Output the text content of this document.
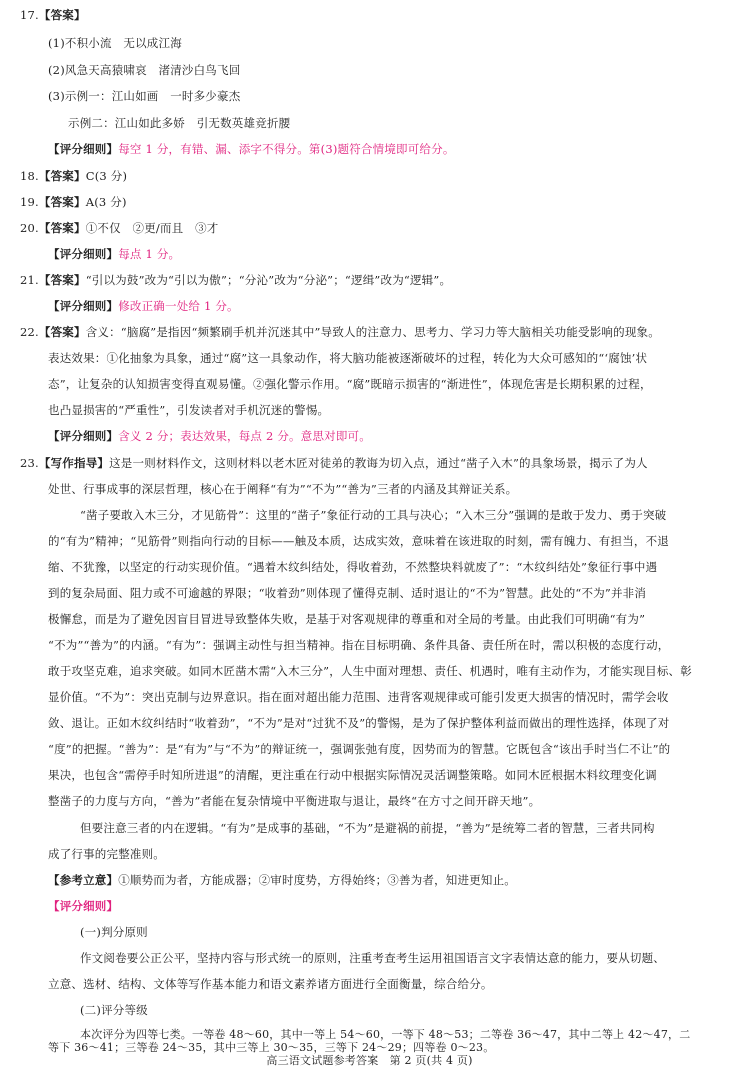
17.【答案】
(1)不积小流　无以成江海
(2)风急天高猿啸哀　渚清沙白鸟飞回
(3)示例一：江山如画　一时多少豪杰
示例二：江山如此多娇　引无数英雄竞折腰
【评分细则】每空 1 分，有错、漏、添字不得分。第(3)题符合情境即可给分。
18.【答案】C(3 分)
19.【答案】A(3 分)
20.【答案】①不仅　②更/而且　③才
【评分细则】每点 1 分。
21.【答案】“引以为鼓”改为“引以为傲”；“分沁”改为“分泌”；“逻缉”改为“逻辑”。
【评分细则】修改正确一处给 1 分。
22.【答案】含义：“脑腐”是指因“频繁刷手机并沉迷其中”导致人的注意力、思考力、学习力等大脑相关功能受影响的现象。
表达效果：①化抽象为具象，通过“腐”这一具象动作，将大脑功能被逐渐破坏的过程，转化为大众可感知的“‘腐蚀’状
态”，让复杂的认知损害变得直观易懂。②强化警示作用。“腐”既暗示损害的“渐进性”，体现危害是长期积累的过程，
也凸显损害的“严重性”，引发读者对手机沉迷的警惕。
【评分细则】含义 2 分；表达效果，每点 2 分。意思对即可。
23.【写作指导】这是一则材料作文，这则材料以老木匠对徒弟的教诲为切入点，通过“凿子入木”的具象场景，揭示了为人
处世、行事成事的深层哲理，核心在于阐释“有为”“不为”“善为”三者的内涵及其辩证关系。
“凿子要敢入木三分，才见筋骨”：这里的“凿子”象征行动的工具与决心；“入木三分”强调的是敢于发力、勇于突破
的“有为”精神；“见筋骨”则指向行动的目标——触及本质，达成实效，意味着在该进取的时刻，需有魄力、有担当，不退
缩、不犹豫，以坚定的行动实现价值。“遇着木纹纠结处，得收着劲，不然整块料就废了”：“木纹纠结处”象征行事中遇
到的复杂局面、阻力或不可逾越的界限；“收着劲”则体现了懂得克制、适时退让的“不为”智慧。此处的“不为”并非消
极懈怠，而是为了避免因盲目冒进导致整体失败，是基于对客观规律的尊重和对全局的考量。由此我们可明确“有为”
“不为”“善为”的内涵。“有为”：强调主动性与担当精神。指在目标明确、条件具备、责任所在时，需以积极的态度行动，
敢于攻坚克难，追求突破。如同木匠凿木需“入木三分”，人生中面对理想、责任、机遇时，唯有主动作为，才能实现目标、彰
显价值。“不为”：突出克制与边界意识。指在面对超出能力范围、违背客观规律或可能引发更大损害的情况时，需学会收
敛、退让。正如木纹纠结时“收着劲”，“不为”是对“过犹不及”的警惕，是为了保护整体利益而做出的理性选择，体现了对
“度”的把握。“善为”：是“有为”与“不为”的辩证统一，强调张弛有度，因势而为的智慧。它既包含“该出手时当仁不让”的
果决，也包含“需停手时知所进退”的清醒，更注重在行动中根据实际情况灵活调整策略。如同木匠根据木料纹理变化调
整凿子的力度与方向，“善为”者能在复杂情境中平衡进取与退让，最终“在方寸之间开辟天地”。
但要注意三者的内在逻辑。“有为”是成事的基础，“不为”是避祸的前提，“善为”是统筹二者的智慧，三者共同构
成了行事的完整准则。
【参考立意】①顺势而为者，方能成器；②审时度势，方得始终；③善为者，知进更知止。
【评分细则】
(一)判分原则
作文阅卷要公正公平，坚持内容与形式统一的原则，注重考查考生运用祖国语言文字表情达意的能力，要从切题、
立意、选材、结构、文体等写作基本能力和语文素养诸方面进行全面衡量，综合给分。
(二)评分等级
本次评分为四等七类。一等卷 48～60，其中一等上 54～60，一等下 48～53；二等卷 36～47，其中二等上 42～47，二
高三语文试题参考答案　第 2 页(共 4 页)
等下 36～41；三等卷 24～35，其中三等上 30～35，三等下 24～29；四等卷 0～23。
